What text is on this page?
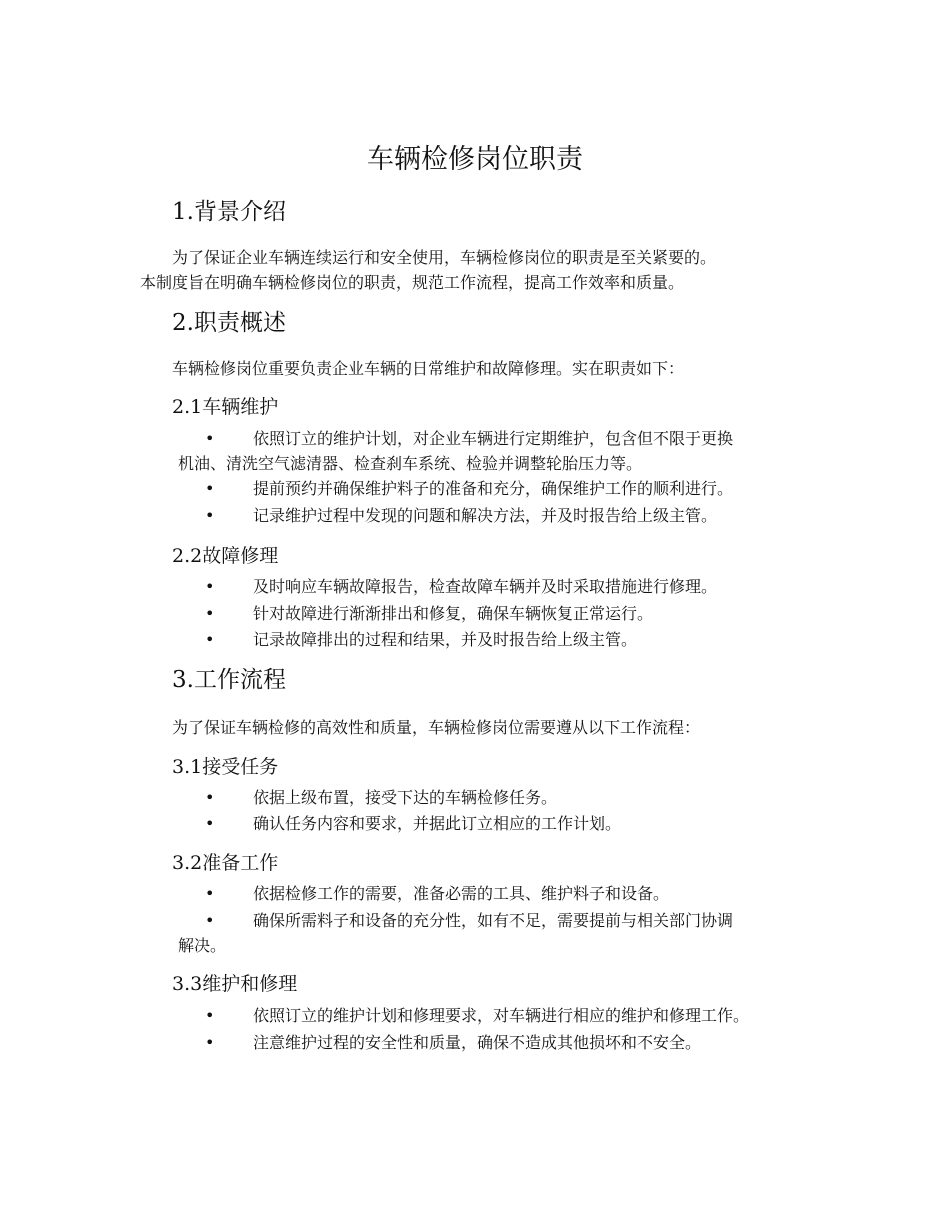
车辆检修岗位职责
1.背景介绍

为了保证企业车辆连续运行和安全使用，车辆检修岗位的职责是至关紧要的。

本制度旨在明确车辆检修岗位的职责，规范工作流程，提高工作效率和质量。

2.职责概述

车辆检修岗位重要负责企业车辆的日常维护和故障修理。实在职责如下：

2.1车辆维护
• 依照订立的维护计划，对企业车辆进行定期维护，包含但不限于更换
机油、清洗空气滤清器、检查刹车系统、检验并调整轮胎压力等。
• 提前预约并确保维护料子的准备和充分，确保维护工作的顺利进行。
• 记录维护过程中发现的问题和解决方法，并及时报告给上级主管。
2.2故障修理
• 及时响应车辆故障报告，检查故障车辆并及时采取措施进行修理。
• 针对故障进行渐渐排出和修复，确保车辆恢复正常运行。
• 记录故障排出的过程和结果，并及时报告给上级主管。
3.工作流程

为了保证车辆检修的高效性和质量，车辆检修岗位需要遵从以下工作流程：

3.1接受任务
• 依据上级布置，接受下达的车辆检修任务。
• 确认任务内容和要求，并据此订立相应的工作计划。
3.2准备工作
• 依据检修工作的需要，准备必需的工具、维护料子和设备。
• 确保所需料子和设备的充分性，如有不足，需要提前与相关部门协调
解决。
3.3维护和修理
• 依照订立的维护计划和修理要求，对车辆进行相应的维护和修理工作。
• 注意维护过程的安全性和质量，确保不造成其他损坏和不安全。
